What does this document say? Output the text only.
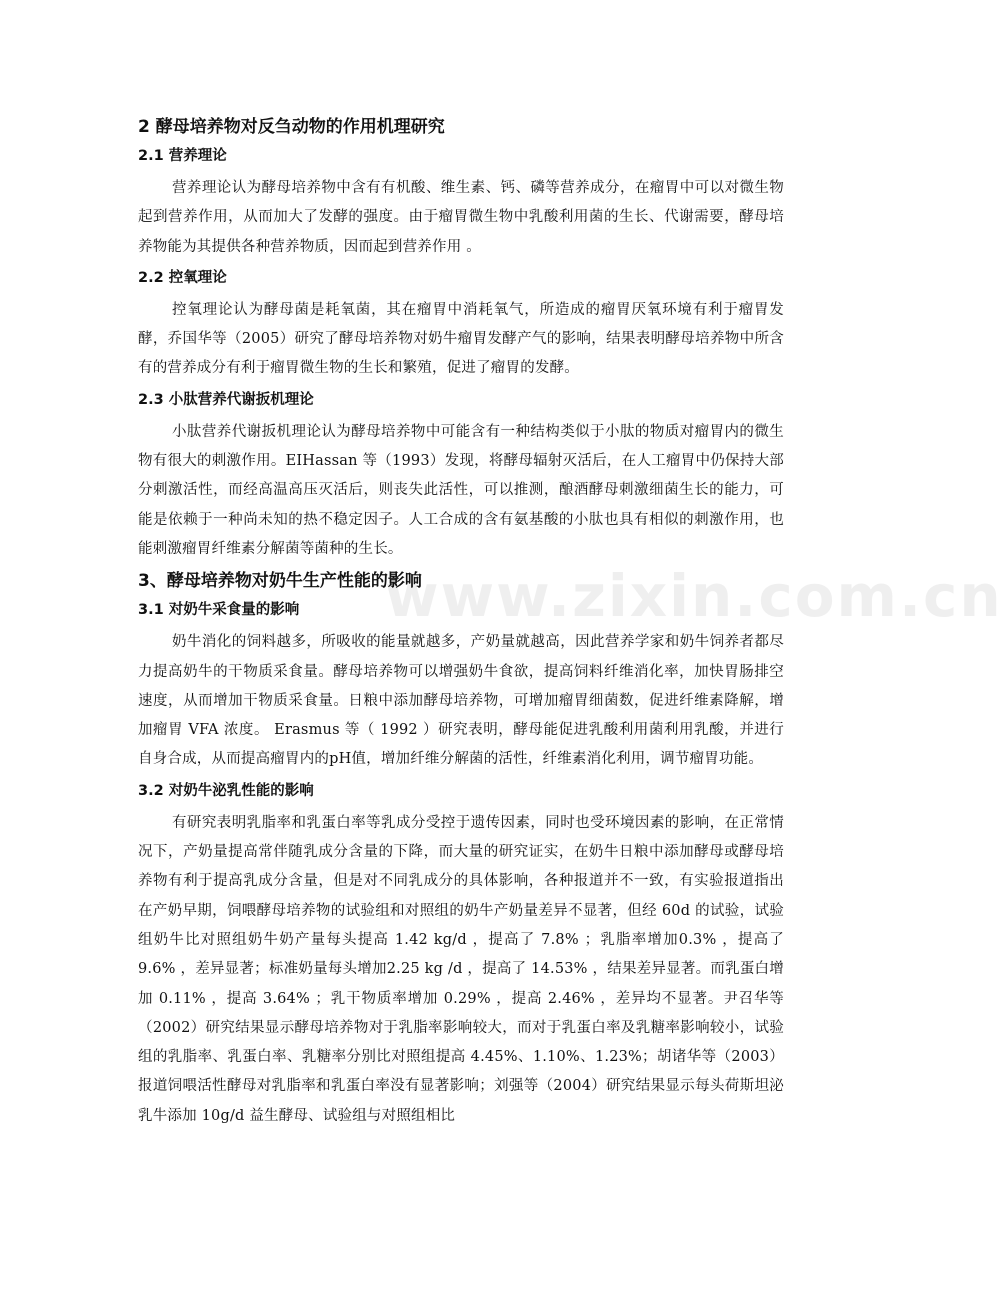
www.zixin.com.cn
2 酵母培养物对反刍动物的作用机理研究
2.1 营养理论

营养理论认为酵母培养物中含有有机酸、维生素、钙、磷等营养成分，在瘤胃中可以对微生物起到营养作用，从而加大了发酵的强度。由于瘤胃微生物中乳酸利用菌的生长、代谢需要，酵母培养物能为其提供各种营养物质，因而起到营养作用 。

2.2 控氧理论

控氧理论认为酵母菌是耗氧菌，其在瘤胃中消耗氧气，所造成的瘤胃厌氧环境有利于瘤胃发酵，乔国华等（2005）研究了酵母培养物对奶牛瘤胃发酵产气的影响，结果表明酵母培养物中所含有的营养成分有利于瘤胃微生物的生长和繁殖，促进了瘤胃的发酵。

2.3 小肽营养代谢扳机理论

小肽营养代谢扳机理论认为酵母培养物中可能含有一种结构类似于小肽的物质对瘤胃内的微生物有很大的刺激作用。EIHassan 等（1993）发现，将酵母辐射灭活后，在人工瘤胃中仍保持大部分刺激活性，而经高温高压灭活后，则丧失此活性，可以推测，酿酒酵母刺激细菌生长的能力，可能是依赖于一种尚未知的热不稳定因子。人工合成的含有氨基酸的小肽也具有相似的刺激作用，也能刺激瘤胃纤维素分解菌等菌种的生长。

3、酵母培养物对奶牛生产性能的影响
3.1 对奶牛采食量的影响

奶牛消化的饲料越多，所吸收的能量就越多，产奶量就越高，因此营养学家和奶牛饲养者都尽力提高奶牛的干物质采食量。酵母培养物可以增强奶牛食欲，提高饲料纤维消化率，加快胃肠排空速度，从而增加干物质采食量。日粮中添加酵母培养物，可增加瘤胃细菌数，促进纤维素降解，增加瘤胃 VFA 浓度。 Erasmus 等（ 1992 ）研究表明，酵母能促进乳酸利用菌利用乳酸，并进行自身合成，从而提高瘤胃内的pH值，增加纤维分解菌的活性，纤维素消化利用，调节瘤胃功能。

3.2 对奶牛泌乳性能的影响

有研究表明乳脂率和乳蛋白率等乳成分受控于遗传因素，同时也受环境因素的影响，在正常情况下，产奶量提高常伴随乳成分含量的下降，而大量的研究证实，在奶牛日粮中添加酵母或酵母培养物有利于提高乳成分含量，但是对不同乳成分的具体影响，各种报道并不一致，有实验报道指出在产奶早期，饲喂酵母培养物的试验组和对照组的奶牛产奶量差异不显著，但经 60d 的试验，试验组奶牛比对照组奶牛奶产量每头提高 1.42 kg/d ，提高了 7.8% ；乳脂率增加0.3% ，提高了 9.6% ，差异显著；标准奶量每头增加2.25 kg /d ，提高了 14.53% ，结果差异显著。而乳蛋白增加 0.11% ，提高 3.64% ；乳干物质率增加 0.29% ，提高 2.46% ，差异均不显著。尹召华等（2002）研究结果显示酵母培养物对于乳脂率影响较大，而对于乳蛋白率及乳糖率影响较小，试验组的乳脂率、乳蛋白率、乳糖率分别比对照组提高 4.45%、1.10%、1.23%；胡诸华等（2003）报道饲喂活性酵母对乳脂率和乳蛋白率没有显著影响；刘强等（2004）研究结果显示每头荷斯坦泌乳牛添加 10g/d 益生酵母、试验组与对照组相比
